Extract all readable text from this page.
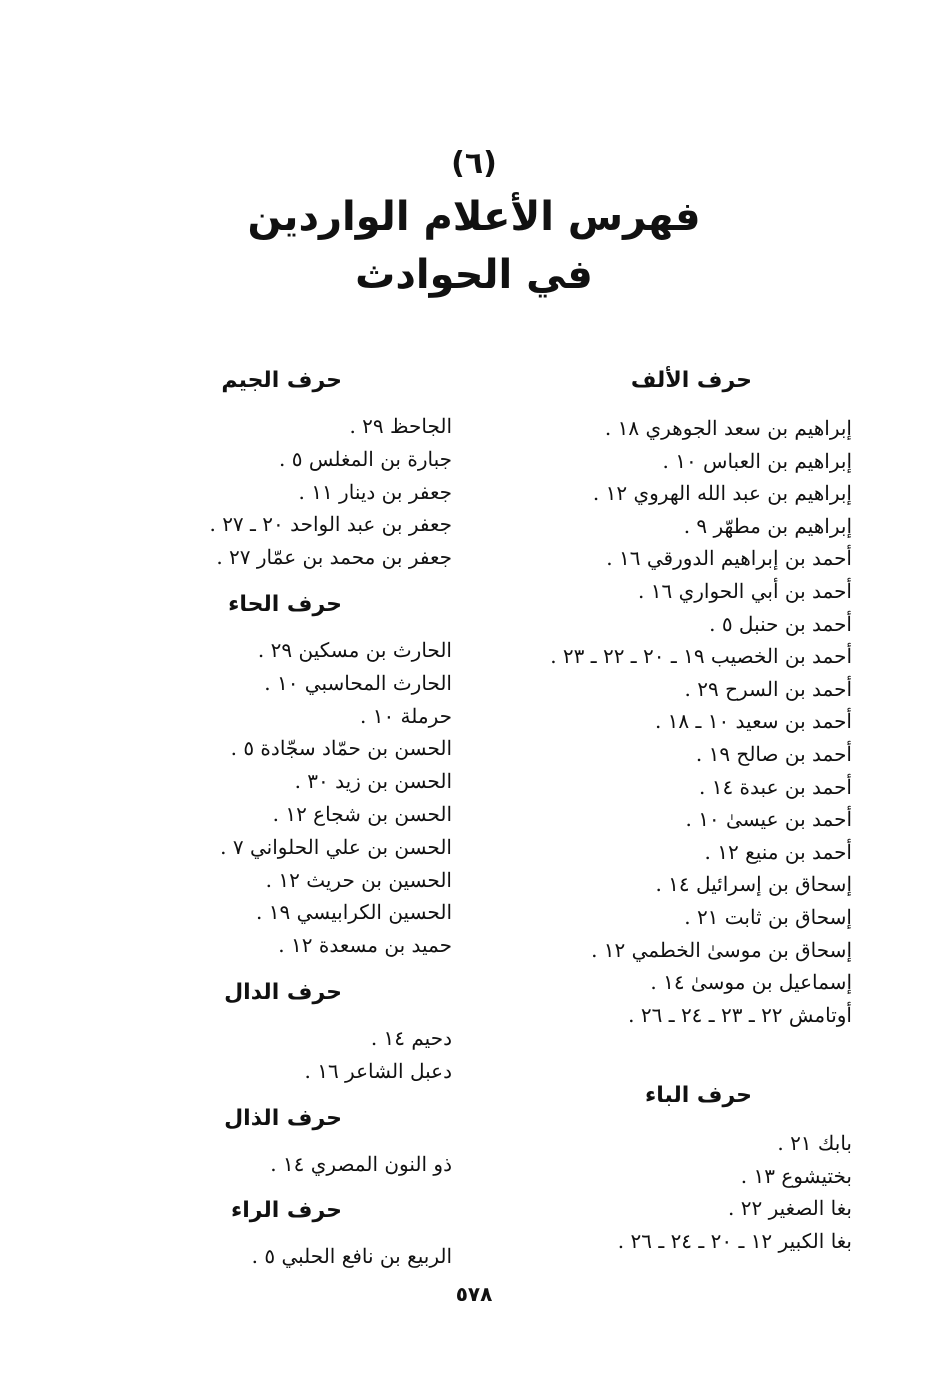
(٦)
فهرس الأعلام الواردين
في الحوادث
حرف الألف
إبراهيم بن سعد الجوهري ١٨ .
إبراهيم بن العباس ١٠ .
إبراهيم بن عبد الله الهروي ١٢ .
إبراهيم بن مطهّر ٩ .
أحمد بن إبراهيم الدورقي ١٦ .
أحمد بن أبي الحواري ١٦ .
أحمد بن حنبل ٥ .
أحمد بن الخصيب ١٩ ـ ٢٠ ـ ٢٢ ـ ٢٣ .
أحمد بن السرح ٢٩ .
أحمد بن سعيد ١٠ ـ ١٨ .
أحمد بن صالح ١٩ .
أحمد بن عبدة ١٤ .
أحمد بن عيسىٰ ١٠ .
أحمد بن منيع ١٢ .
إسحاق بن إسرائيل ١٤ .
إسحاق بن ثابت ٢١ .
إسحاق بن موسىٰ الخطمي ١٢ .
إسماعيل بن موسىٰ ١٤ .
أوتامش ٢٢ ـ ٢٣ ـ ٢٤ ـ ٢٦ .
حرف الباء
بابك ٢١ .
بختيشوع ١٣ .
بغا الصغير ٢٢ .
بغا الكبير ١٢ ـ ٢٠ ـ ٢٤ ـ ٢٦ .
حرف الجيم
الجاحظ ٢٩ .
جبارة بن المغلس ٥ .
جعفر بن دينار ١١ .
جعفر بن عبد الواحد ٢٠ ـ ٢٧ .
جعفر بن محمد بن عمّار ٢٧ .
حرف الحاء
الحارث بن مسكين ٢٩ .
الحارث المحاسبي ١٠ .
حرملة ١٠ .
الحسن بن حمّاد سجّادة ٥ .
الحسن بن زيد ٣٠ .
الحسن بن شجاع ١٢ .
الحسن بن علي الحلواني ٧ .
الحسين بن حريث ١٢ .
الحسين الكرابيسي ١٩ .
حميد بن مسعدة ١٢ .
حرف الدال
دحيم ١٤ .
دعبل الشاعر ١٦ .
حرف الذال
ذو النون المصري ١٤ .
حرف الراء
الربيع بن نافع الحلبي ٥ .
٥٧٨
